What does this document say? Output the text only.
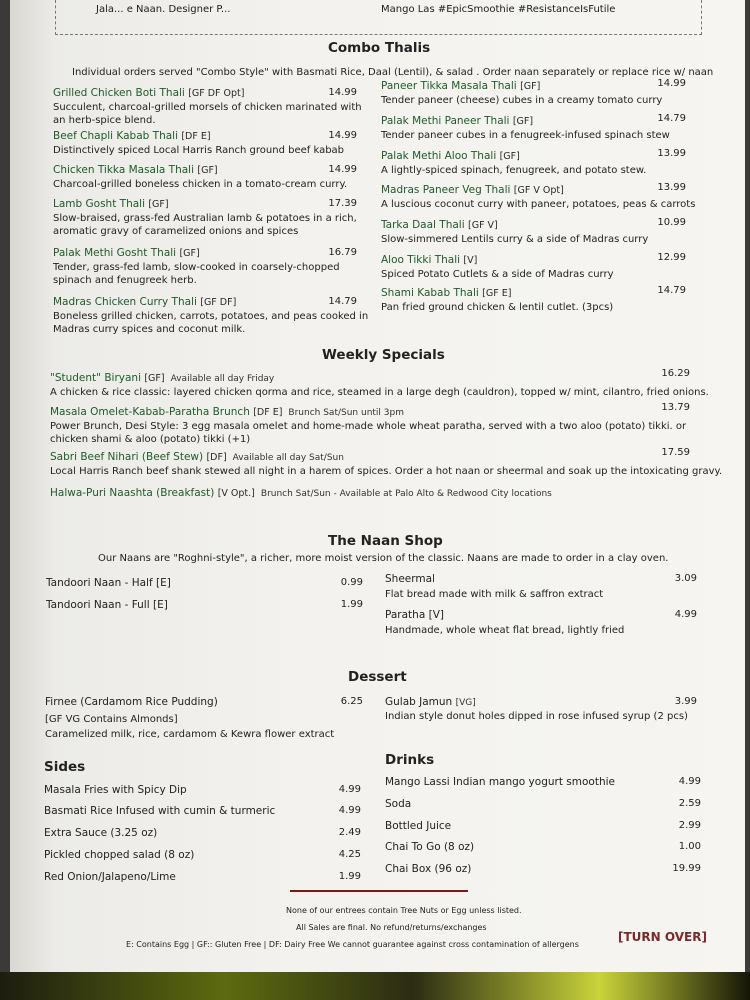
Jala... e Naan. Designer P...	Mango Las #EpicSmoothie #ResistanceIsFutile
Combo Thalis
Individual orders served "Combo Style" with Basmati Rice, Daal (Lentil), & salad . Order naan separately or replace rice w/ naan
Grilled Chicken Boti Thali [GF DF Opt]	14.99
Succulent, charcoal-grilled morsels of chicken marinated with
an herb-spice blend.
Beef Chapli Kabab Thali [DF E]	14.99
Distinctively spiced Local Harris Ranch ground beef kabab
Chicken Tikka Masala Thali [GF]	14.99
Charcoal-grilled boneless chicken in a tomato-cream curry.
Lamb Gosht Thali [GF]	17.39
Slow-braised, grass-fed Australian lamb & potatoes in a rich,
aromatic gravy of caramelized onions and spices
Palak Methi Gosht Thali [GF]	16.79
Tender, grass-fed lamb, slow-cooked in coarsely-chopped
spinach and fenugreek herb.
Madras Chicken Curry Thali [GF DF]	14.79
Boneless grilled chicken, carrots, potatoes, and peas cooked in
Madras curry spices and coconut milk.
Paneer Tikka Masala Thali [GF]	14.99
Tender paneer (cheese) cubes in a creamy tomato curry
Palak Methi Paneer Thali [GF]	14.79
Tender paneer cubes in a fenugreek-infused spinach stew
Palak Methi Aloo Thali [GF]	13.99
A lightly-spiced spinach, fenugreek, and potato stew.
Madras Paneer Veg Thali [GF V Opt]	13.99
A luscious coconut curry with paneer, potatoes, peas & carrots
Tarka Daal Thali [GF V]	10.99
Slow-simmered Lentils curry & a side of Madras curry
Aloo Tikki Thali [V]	12.99
Spiced Potato Cutlets & a side of Madras curry
Shami Kabab Thali [GF E]	14.79
Pan fried ground chicken & lentil cutlet. (3pcs)
Weekly Specials
"Student" Biryani [GF] Available all day Friday	16.29
A chicken & rice classic: layered chicken qorma and rice, steamed in a large degh (cauldron), topped w/ mint, cilantro, fried onions.
Masala Omelet-Kabab-Paratha Brunch [DF E] Brunch Sat/Sun until 3pm	13.79
Power Brunch, Desi Style: 3 egg masala omelet and home-made whole wheat paratha, served with a two aloo (potato) tikki. or
chicken shami & aloo (potato) tikki (+1)
Sabri Beef Nihari (Beef Stew) [DF] Available all day Sat/Sun	17.59
Local Harris Ranch beef shank stewed all night in a harem of spices. Order a hot naan or sheermal and soak up the intoxicating gravy.
Halwa-Puri Naashta (Breakfast) [V Opt.] Brunch Sat/Sun - Available at Palo Alto & Redwood City locations
The Naan Shop
Our Naans are "Roghni-style", a richer, more moist version of the classic. Naans are made to order in a clay oven.
Tandoori Naan - Half [E]	0.99
Tandoori Naan - Full [E]	1.99
Sheermal	3.09
Flat bread made with milk & saffron extract
Paratha [V]	4.99
Handmade, whole wheat flat bread, lightly fried
Dessert
Firnee (Cardamom Rice Pudding)	6.25
[GF VG Contains Almonds]
Caramelized milk, rice, cardamom & Kewra flower extract
Gulab Jamun [VG]	3.99
Indian style donut holes dipped in rose infused syrup (2 pcs)
Sides
Masala Fries with Spicy Dip	4.99
Basmati Rice Infused with cumin & turmeric	4.99
Extra Sauce (3.25 oz)	2.49
Pickled chopped salad (8 oz)	4.25
Red Onion/Jalapeno/Lime	1.99
Drinks
Mango Lassi Indian mango yogurt smoothie	4.99
Soda	2.59
Bottled Juice	2.99
Chai To Go (8 oz)	1.00
Chai Box (96 oz)	19.99
None of our entrees contain Tree Nuts or Egg unless listed.
All Sales are final. No refund/returns/exchanges
E: Contains Egg | GF:: Gluten Free | DF: Dairy Free We cannot guarantee against cross contamination of allergens
[TURN OVER]
